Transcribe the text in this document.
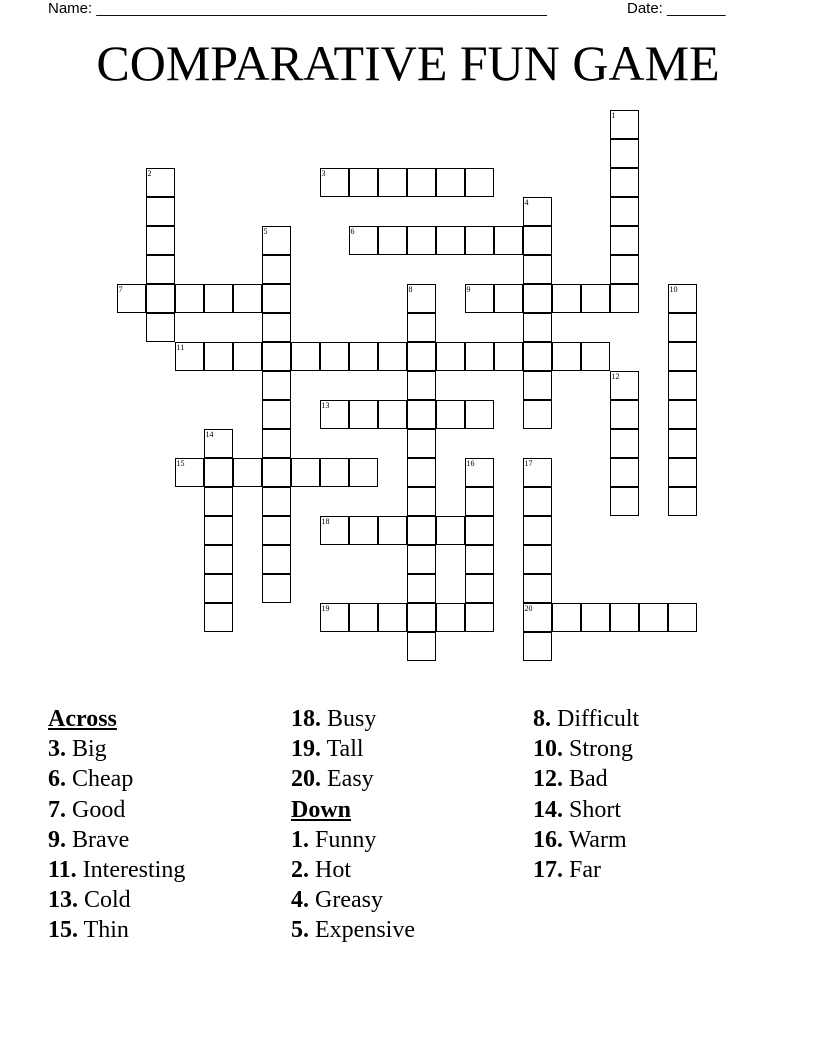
Name: ______________________________________________________	Date: _______
COMPARATIVE FUN GAME
1
2	3
4
5	6
7	8	9	10
11
12
13
14
15	16	17
20
18
19
Across
3. Big
6. Cheap
7. Good
9. Brave
11. Interesting
13. Cold
15. Thin
18. Busy
19. Tall
20. Easy
Down
1. Funny
2. Hot
4. Greasy
5. Expensive
8. Difficult
10. Strong
12. Bad
14. Short
16. Warm
17. Far
